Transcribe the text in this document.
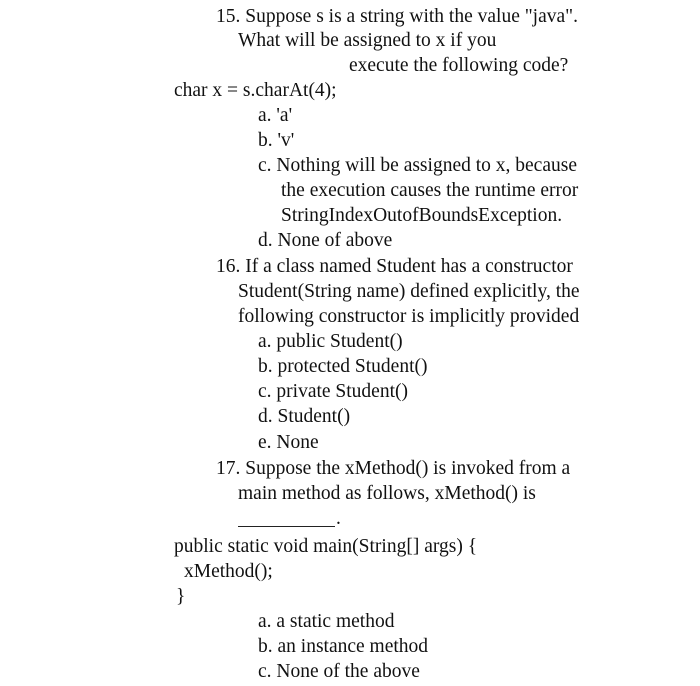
15. Suppose s is a string with the value "java".
What will be assigned to x if you
execute the following code?
char x = s.charAt(4);
a. 'a'
b. 'v'
c. Nothing will be assigned to x, because
the execution causes the runtime error
StringIndexOutofBoundsException.
d. None of above
16. If a class named Student has a constructor
Student(String name) defined explicitly, the
following constructor is implicitly provided
a. public Student()
b. protected Student()
c. private Student()
d. Student()
e. None
17. Suppose the xMethod() is invoked from a
main method as follows, xMethod() is
.
public static void main(String[] args) {
xMethod();
}
a. a static method
b. an instance method
c. None of the above
